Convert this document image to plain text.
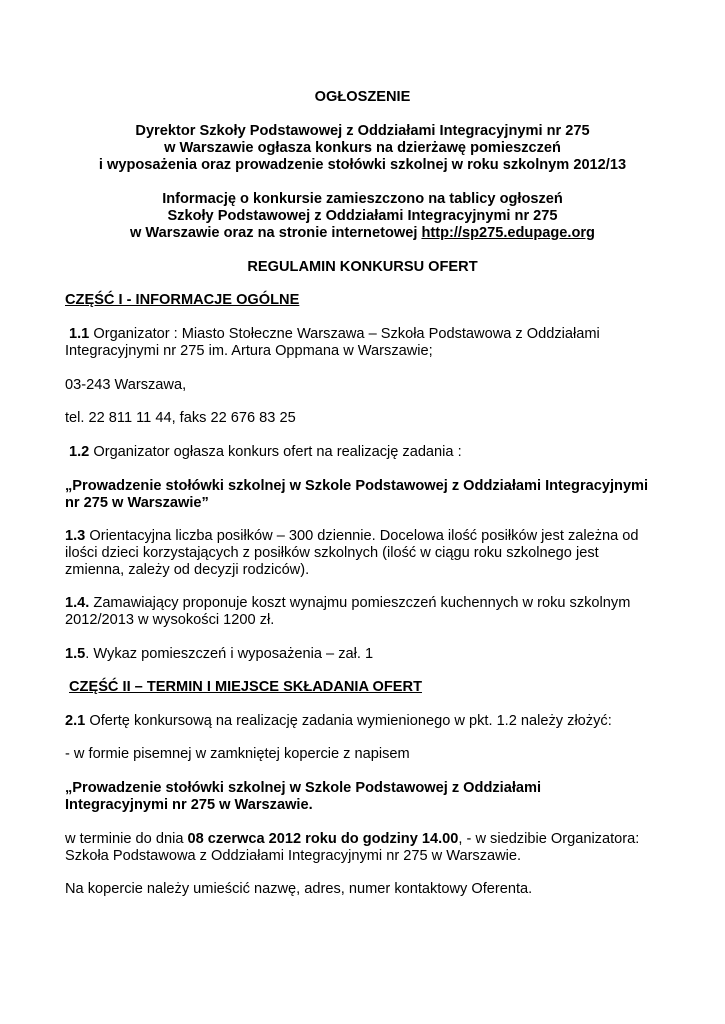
OGŁOSZENIE
Dyrektor Szkoły Podstawowej z Oddziałami Integracyjnymi nr 275
w Warszawie ogłasza konkurs na dzierżawę pomieszczeń
i wyposażenia oraz prowadzenie stołówki szkolnej w roku szkolnym 2012/13
Informację o konkursie zamieszczono na tablicy ogłoszeń
Szkoły Podstawowej z Oddziałami Integracyjnymi nr 275
w Warszawie oraz na stronie internetowej http://sp275.edupage.org
REGULAMIN KONKURSU OFERT
CZĘŚĆ I - INFORMACJE OGÓLNE
1.1 Organizator : Miasto Stołeczne Warszawa – Szkoła Podstawowa z Oddziałami
Integracyjnymi nr 275 im. Artura Oppmana w Warszawie;
03-243 Warszawa,
tel. 22 811 11 44, faks 22 676 83 25
1.2 Organizator ogłasza konkurs ofert na realizację zadania :
„Prowadzenie stołówki szkolnej w Szkole Podstawowej z Oddziałami Integracyjnymi
nr 275 w Warszawie”
1.3 Orientacyjna liczba posiłków – 300 dziennie. Docelowa ilość posiłków jest zależna od
ilości dzieci korzystających z posiłków szkolnych (ilość w ciągu roku szkolnego jest
zmienna, zależy od decyzji rodziców).
1.4. Zamawiający proponuje koszt wynajmu pomieszczeń kuchennych w roku szkolnym
2012/2013 w wysokości 1200 zł.
1.5. Wykaz pomieszczeń i wyposażenia – zał. 1
CZĘŚĆ II – TERMIN I MIEJSCE SKŁADANIA OFERT
2.1 Ofertę konkursową na realizację zadania wymienionego w pkt. 1.2 należy złożyć:
- w formie pisemnej w zamkniętej kopercie z napisem
„Prowadzenie stołówki szkolnej w Szkole Podstawowej z Oddziałami
Integracyjnymi nr 275 w Warszawie.
w terminie do dnia 08 czerwca 2012 roku do godziny 14.00, - w siedzibie Organizatora:
Szkoła Podstawowa z Oddziałami Integracyjnymi nr 275 w Warszawie.
Na kopercie należy umieścić nazwę, adres, numer kontaktowy Oferenta.
